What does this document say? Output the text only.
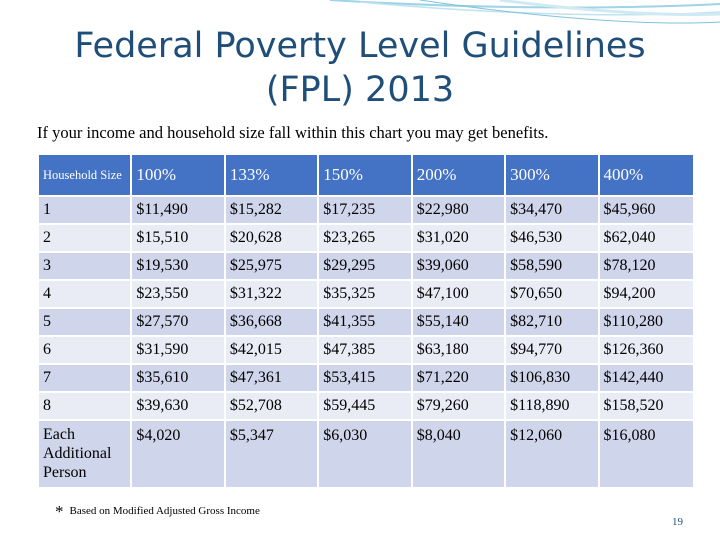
Federal Poverty Level Guidelines
(FPL) 2013
If your income and household size fall within this chart you may get benefits.
Household Size	100%	133%	150%	200%	300%	400%
1	$11,490	$15,282	$17,235	$22,980	$34,470	$45,960
2	$15,510	$20,628	$23,265	$31,020	$46,530	$62,040
3	$19,530	$25,975	$29,295	$39,060	$58,590	$78,120
4	$23,550	$31,322	$35,325	$47,100	$70,650	$94,200
5	$27,570	$36,668	$41,355	$55,140	$82,710	$110,280
6	$31,590	$42,015	$47,385	$63,180	$94,770	$126,360
7	$35,610	$47,361	$53,415	$71,220	$106,830	$142,440
8	$39,630	$52,708	$59,445	$79,260	$118,890	$158,520
Each Additional Person	$4,020	$5,347	$6,030	$8,040	$12,060	$16,080
* Based on Modified Adjusted Gross Income
19
